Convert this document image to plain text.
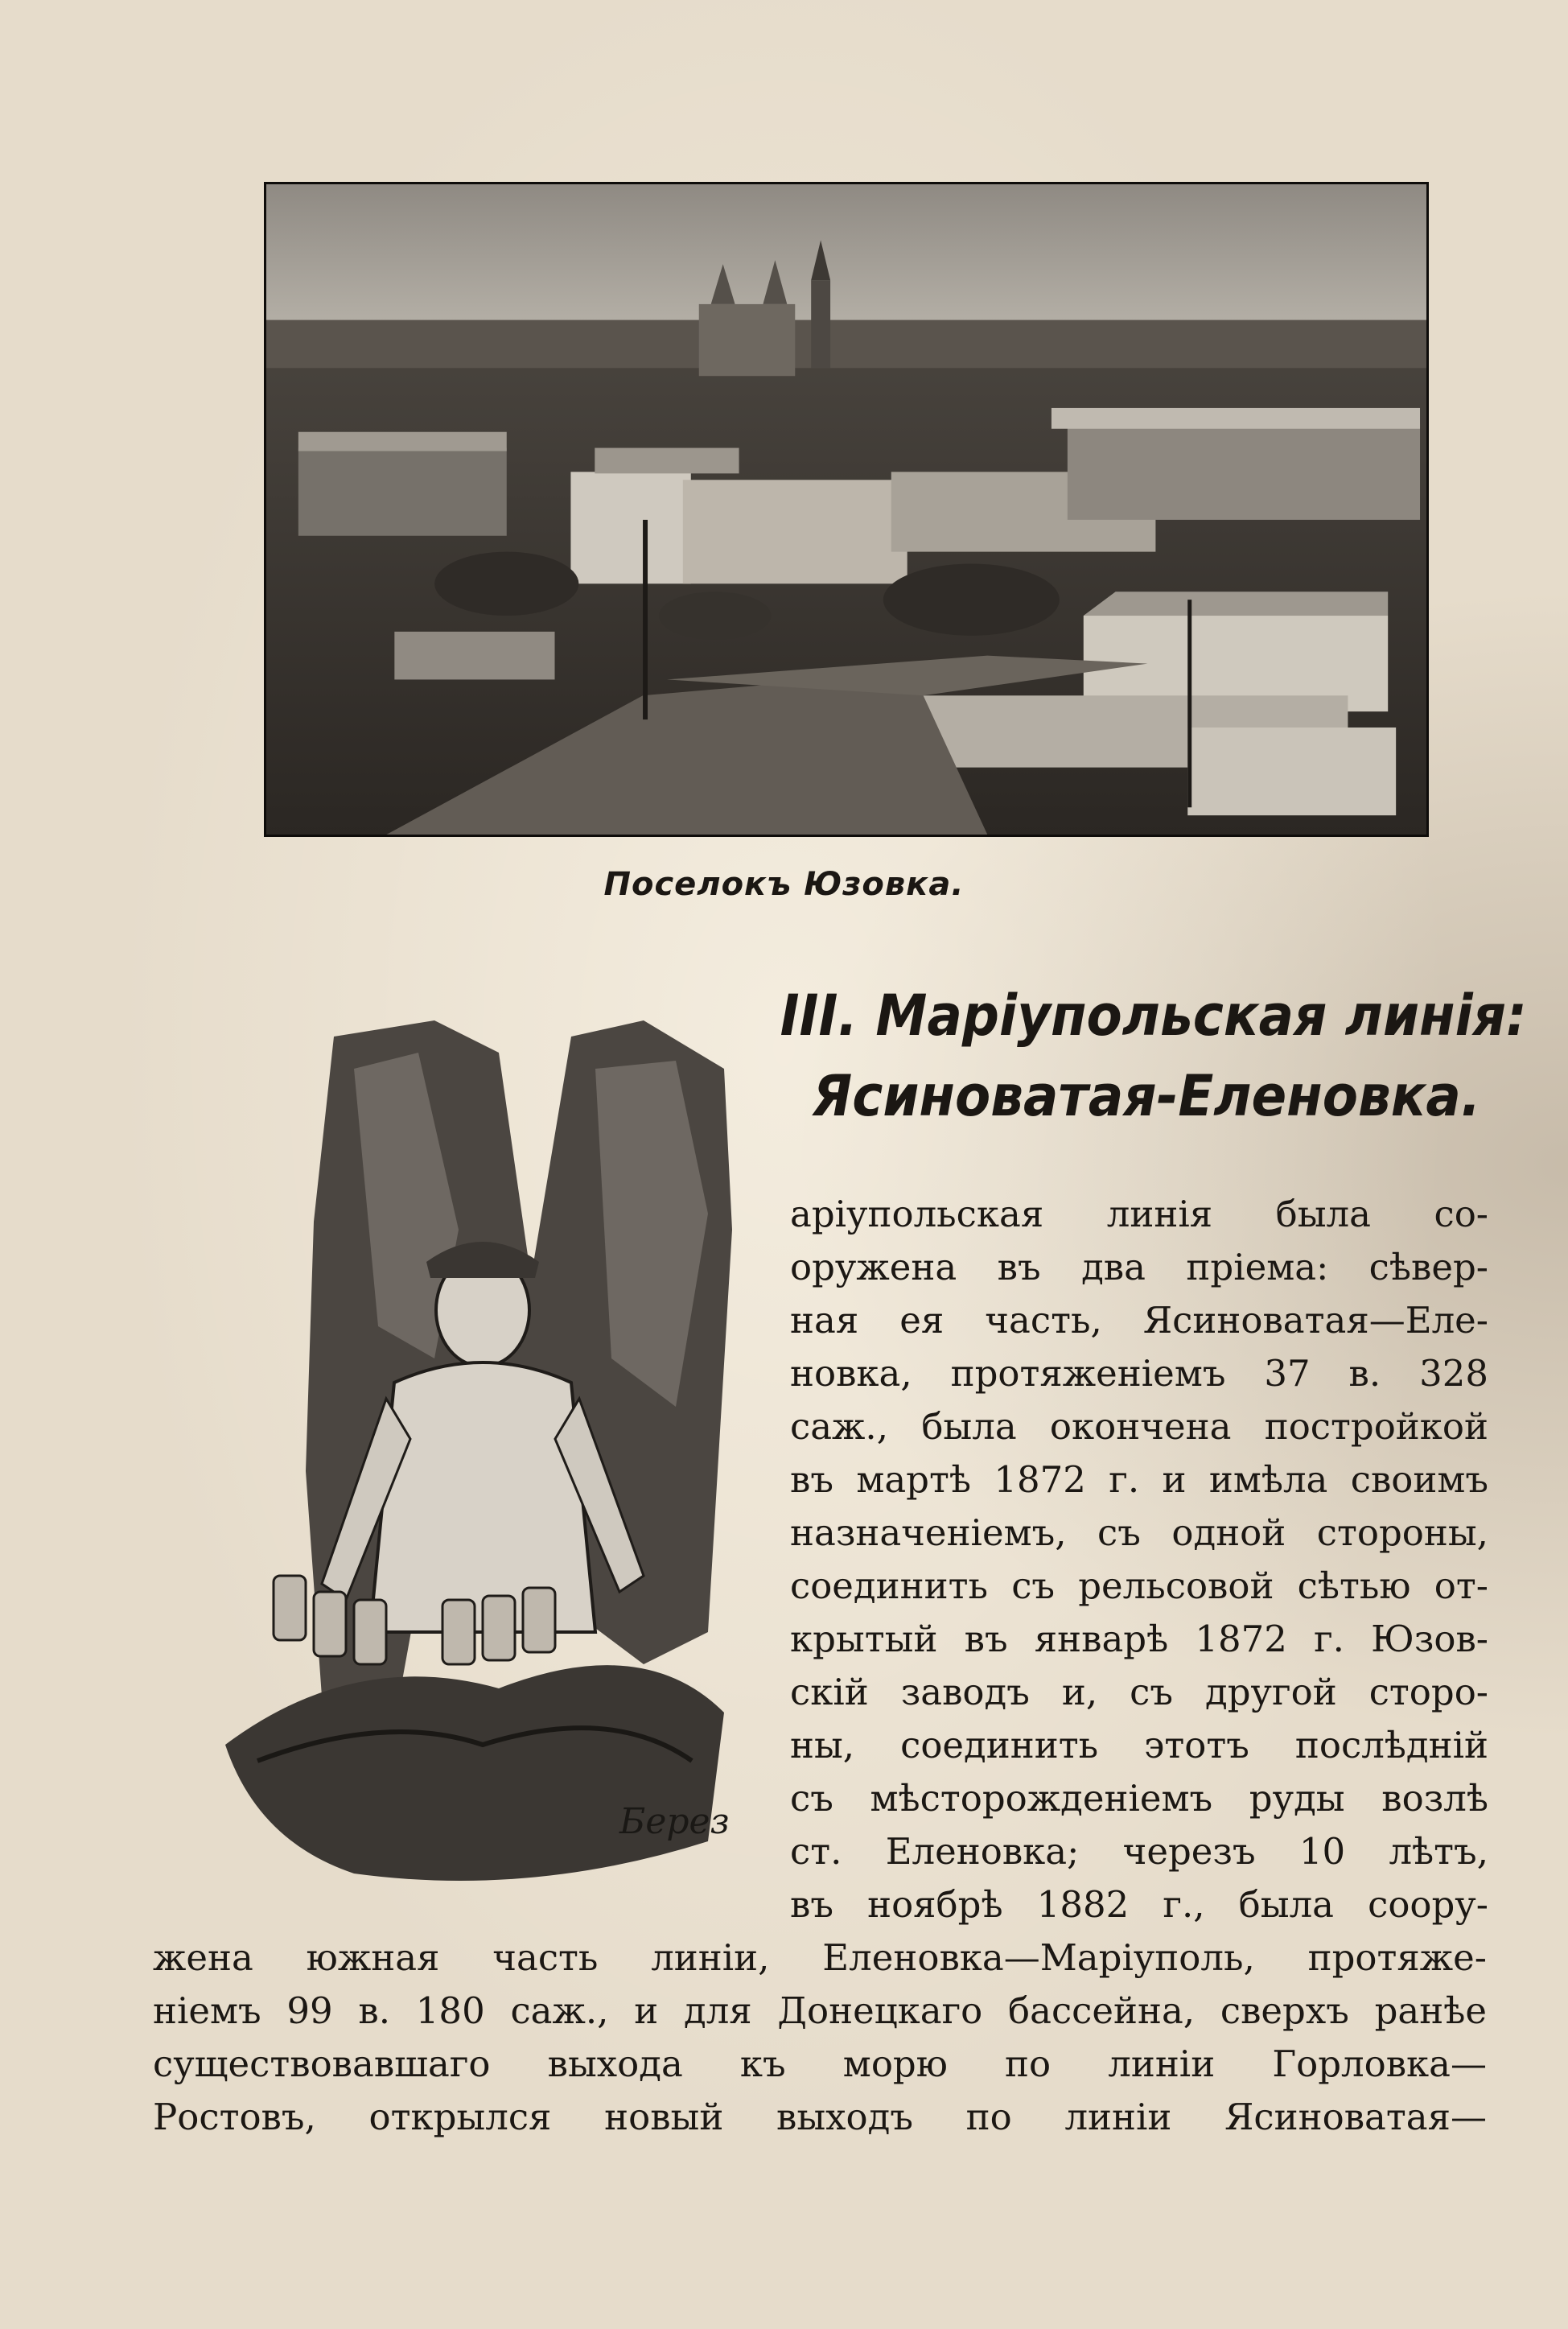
Поселокъ Юзовка.
III. Маріупольская линія:
Ясиноватая-Еленовка.
Берез
аріупольская линія была со-
оружена въ два пріема: сѣвер-
ная ея часть, Ясиноватая—Еле-
новка, протяженіемъ 37 в. 328
саж., была окончена постройкой
въ мартѣ 1872 г. и имѣла своимъ
назначеніемъ, съ одной стороны,
соединить съ рельсовой сѣтью от-
крытый въ январѣ 1872 г. Юзов-
скій заводъ и, съ другой сторо-
ны, соединить этотъ послѣдній
съ мѣсторожденіемъ руды возлѣ
ст. Еленовка; черезъ 10 лѣтъ,
въ ноябрѣ 1882 г., была соору-
жена южная часть линіи, Еленовка—Маріуполь, протяже-
ніемъ 99 в. 180 саж., и для Донецкаго бассейна, сверхъ ранѣе
существовавшаго выхода къ морю по линіи Горловка—
Ростовъ, открылся новый выходъ по линіи Ясиноватая—
